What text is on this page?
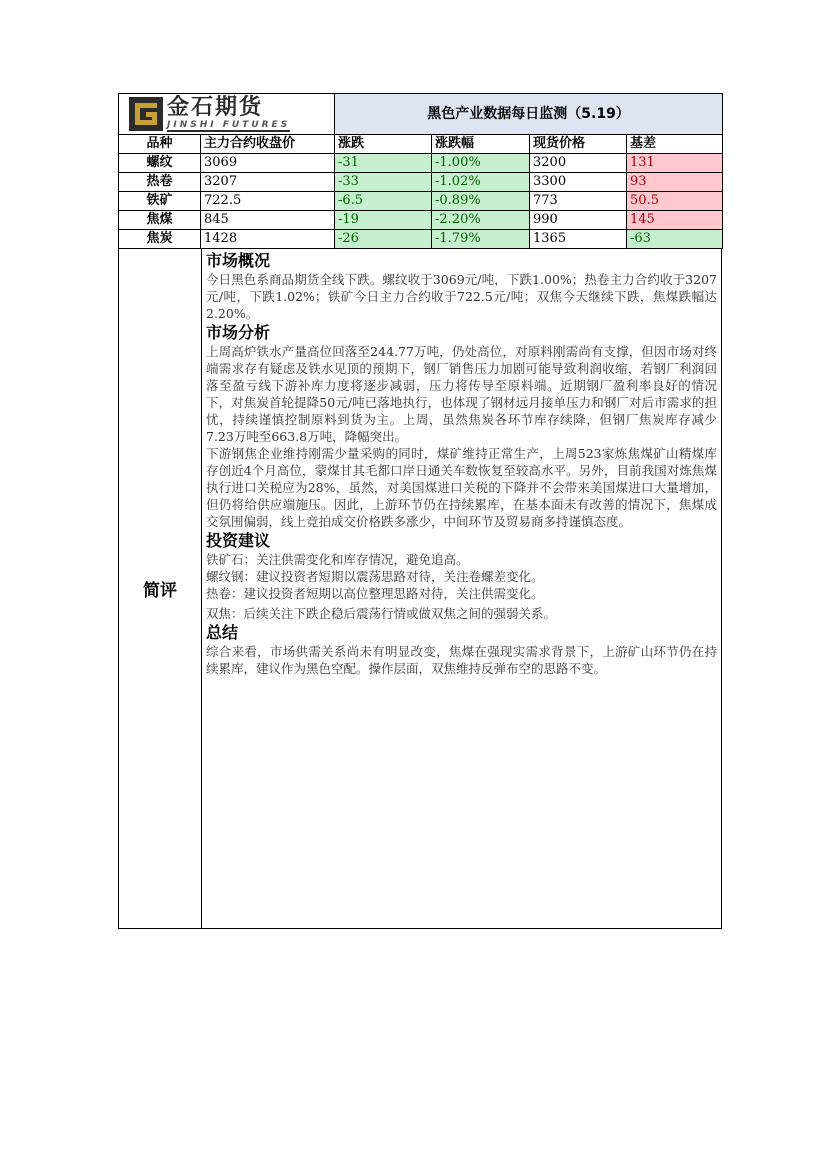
金石期货
JINSHI FUTURES		黑色产业数据每日监测（5.19）			
品种	主力合约收盘价	涨跌	涨跌幅	现货价格	基差
螺纹	3069	-31	-1.00%	3200	131
热卷	3207	-33	-1.02%	3300	93
铁矿	722.5	-6.5	-0.89%	773	50.5
焦煤	845	-19	-2.20%	990	145
焦炭	1428	-26	-1.79%	1365	-63
简评
市场概况

今日黑色系商品期货全线下跌。螺纹收于3069元/吨，下跌1.00%；热卷主力合约收于3207元/吨，下跌1.02%；铁矿今日主力合约收于722.5元/吨；双焦今天继续下跌，焦煤跌幅达2.20%。

市场分析

上周高炉铁水产量高位回落至244.77万吨，仍处高位，对原料刚需尚有支撑，但因市场对终端需求存有疑虑及铁水见顶的预期下，钢厂销售压力加剧可能导致利润收缩，若钢厂利润回落至盈亏线下游补库力度将逐步减弱，压力将传导至原料端。近期钢厂盈利率良好的情况下，对焦炭首轮提降50元/吨已落地执行，也体现了钢材远月接单压力和钢厂对后市需求的担忧，持续谨慎控制原料到货为主。上周，虽然焦炭各环节库存续降，但钢厂焦炭库存减少7.23万吨至663.8万吨，降幅突出。

下游钢焦企业维持刚需少量采购的同时，煤矿维持正常生产，上周523家炼焦煤矿山精煤库存创近4个月高位，蒙煤甘其毛都口岸日通关车数恢复至较高水平。另外，目前我国对炼焦煤执行进口关税应为28%，虽然，对美国煤进口关税的下降并不会带来美国煤进口大量增加，但仍将给供应端施压。因此，上游环节仍在持续累库，在基本面未有改善的情况下，焦煤成交氛围偏弱，线上竞拍成交价格跌多涨少，中间环节及贸易商多持谨慎态度。

投资建议

铁矿石：关注供需变化和库存情况，避免追高。

螺纹钢：建议投资者短期以震荡思路对待，关注卷螺差变化。

热卷：建议投资者短期以高位整理思路对待，关注供需变化。

双焦：后续关注下跌企稳后震荡行情或做双焦之间的强弱关系。

总结

综合来看，市场供需关系尚未有明显改变，焦煤在强现实需求背景下，上游矿山环节仍在持续累库，建议作为黑色空配。操作层面，双焦维持反弹布空的思路不变。
